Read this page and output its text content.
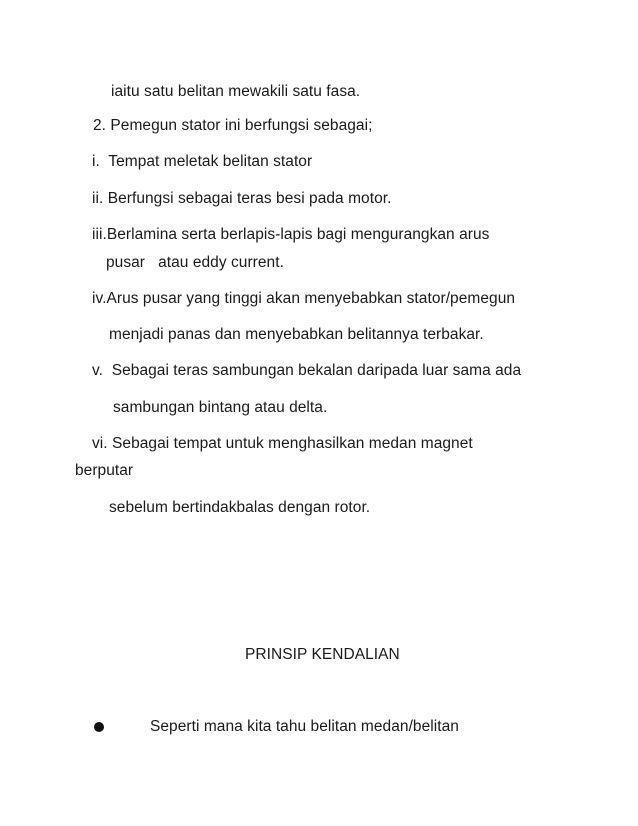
iaitu satu belitan mewakili satu fasa.
2. Pemegun stator ini berfungsi sebagai;
i.  Tempat meletak belitan stator
ii. Berfungsi sebagai teras besi pada motor.
iii.Berlamina serta berlapis-lapis bagi mengurangkan arus
pusar   atau eddy current.
iv.Arus pusar yang tinggi akan menyebabkan stator/pemegun
menjadi panas dan menyebabkan belitannya terbakar.
v.  Sebagai teras sambungan bekalan daripada luar sama ada
sambungan bintang atau delta.
vi. Sebagai tempat untuk menghasilkan medan magnet
berputar
sebelum bertindakbalas dengan rotor.
PRINSIP KENDALIAN
Seperti mana kita tahu belitan medan/belitan
